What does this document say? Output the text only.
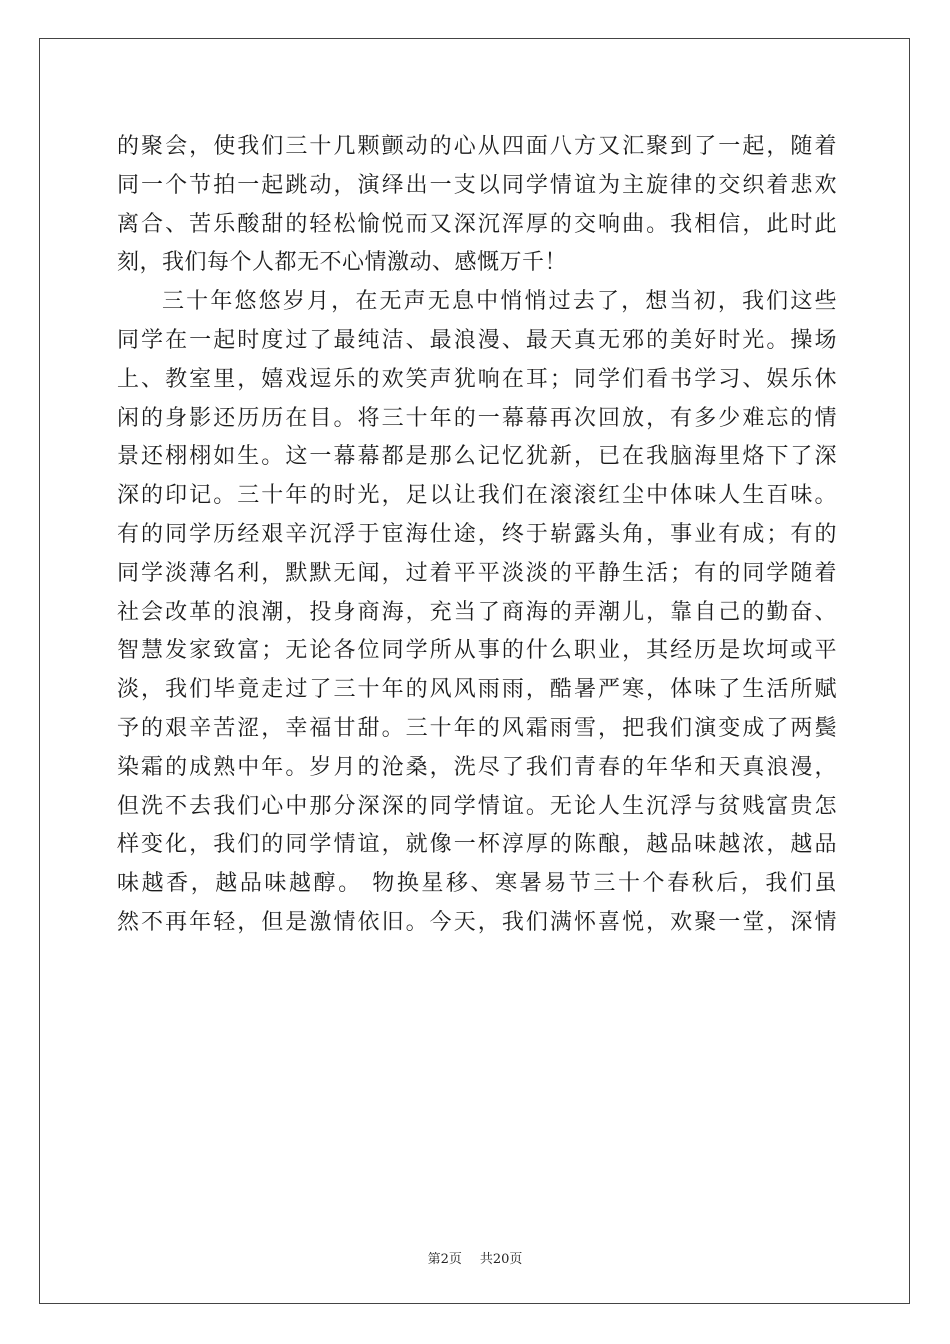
的聚会，使我们三十几颗颤动的心从四面八方又汇聚到了一起，随着
同一个节拍一起跳动，演绎出一支以同学情谊为主旋律的交织着悲欢
离合、苦乐酸甜的轻松愉悦而又深沉浑厚的交响曲。我相信，此时此
刻，我们每个人都无不心情激动、感慨万千！
三十年悠悠岁月，在无声无息中悄悄过去了，想当初，我们这些
同学在一起时度过了最纯洁、最浪漫、最天真无邪的美好时光。操场
上、教室里，嬉戏逗乐的欢笑声犹响在耳；同学们看书学习、娱乐休
闲的身影还历历在目。将三十年的一幕幕再次回放，有多少难忘的情
景还栩栩如生。这一幕幕都是那么记忆犹新，已在我脑海里烙下了深
深的印记。三十年的时光，足以让我们在滚滚红尘中体味人生百味。
有的同学历经艰辛沉浮于宦海仕途，终于崭露头角，事业有成；有的
同学淡薄名利，默默无闻，过着平平淡淡的平静生活；有的同学随着
社会改革的浪潮，投身商海，充当了商海的弄潮儿，靠自己的勤奋、
智慧发家致富；无论各位同学所从事的什么职业，其经历是坎坷或平
淡，我们毕竟走过了三十年的风风雨雨，酷暑严寒，体味了生活所赋
予的艰辛苦涩，幸福甘甜。三十年的风霜雨雪，把我们演变成了两鬓
染霜的成熟中年。岁月的沧桑，洗尽了我们青春的年华和天真浪漫，
但洗不去我们心中那分深深的同学情谊。无论人生沉浮与贫贱富贵怎
样变化，我们的同学情谊，就像一杯淳厚的陈酿，越品味越浓，越品
味越香，越品味越醇。 物换星移、寒暑易节三十个春秋后，我们虽
然不再年轻，但是激情依旧。今天，我们满怀喜悦，欢聚一堂，深情
第2页 共20页
